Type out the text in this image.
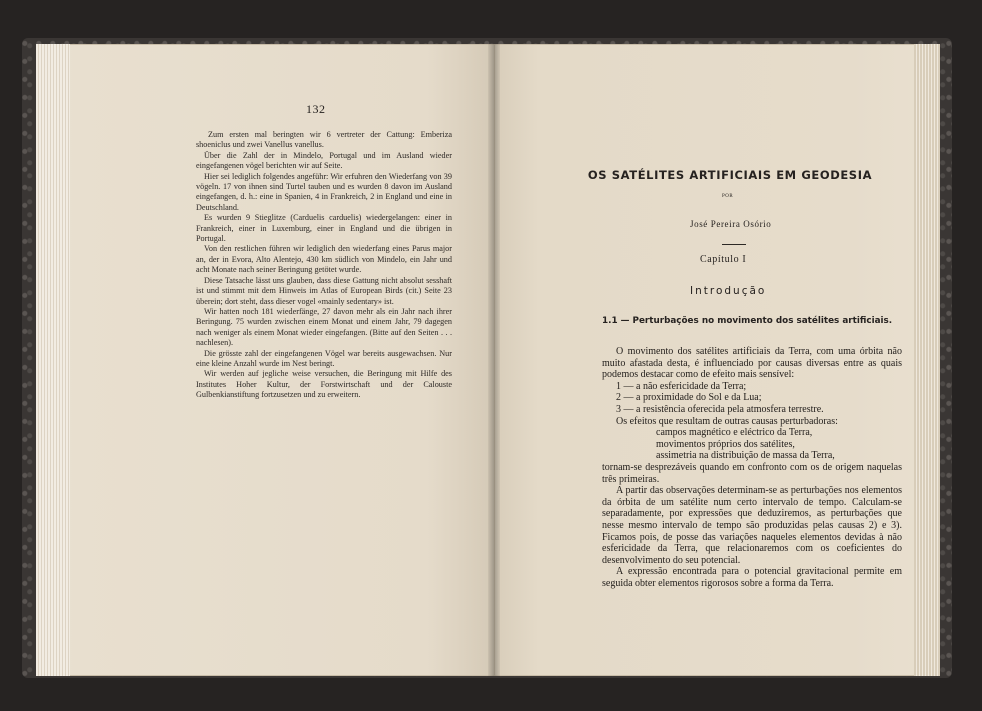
132

Zum ersten mal beringten wir 6 vertreter der Cattung: Emberiza shoeniclus und zwei Vanellus vanellus.

Über die Zahl der in Mindelo, Portugal und im Ausland wieder eingefangenen vögel berichten wir auf Seite.

Hier sei lediglich folgendes angeführ: Wir erfuhren den Wiederfang von 39 vögeln. 17 von ihnen sind Turtel tauben und es wurden 8 davon im Ausland eingefangen, d. h.: eine in Spanien, 4 in Frankreich, 2 in England und eine in Deutschland.

Es wurden 9 Stieglitze (Carduelis carduelis) wiedergelangen: einer in Frankreich, einer in Luxemburg, einer in England und die übrigen in Portugal.

Von den restlichen führen wir lediglich den wiederfang eines Parus major an, der in Evora, Alto Alentejo, 430 km südlich von Mindelo, ein Jahr und acht Monate nach seiner Beringung getötet wurde.

Diese Tatsache lässt uns glauben, dass diese Gattung nicht absolut sesshaft ist und stimmt mit dem Hinweis im Atlas of European Birds (cit.) Seite 23 überein; dort steht, dass dieser vogel «mainly sedentary» ist.

Wir hatten noch 181 wiederfänge, 27 davon mehr als ein Jahr nach ihrer Beringung. 75 wurden zwischen einem Monat und einem Jahr, 79 dagegen nach weniger als einem Monat wieder eingefangen. (Bitte auf den Seiten . . . nachlesen).

Die grösste zahl der eingefangenen Vögel war bereits ausgewachsen. Nur eine kleine Anzahl wurde im Nest beringt.

Wir werden auf jegliche weise versuchen, die Beringung mit Hilfe des Institutes Hoher Kultur, der Forstwirtschaft und der Calouste Gulbenkianstiftung fortzusetzen und zu erweitern.

OS SATÉLITES ARTIFICIAIS EM GEODESIA
POR
José Pereira Osório
Capítulo I
Introdução
1.1 — Perturbações no movimento dos satélites artificiais.

O movimento dos satélites artificiais da Terra, com uma órbita não muito afastada desta, é influenciado por causas diversas entre as quais podemos destacar como de efeito mais sensível:

1 — a não esfericidade da Terra;

2 — a proximidade do Sol e da Lua;

3 — a resistência oferecida pela atmosfera terrestre.

Os efeitos que resultam de outras causas perturbadoras:

campos magnético e eléctrico da Terra,

movimentos próprios dos satélites,

assimetria na distribuição de massa da Terra,

tornam-se desprezáveis quando em confronto com os de origem naquelas três primeiras.

A partir das observações determinam-se as perturbações nos elementos da órbita de um satélite num certo intervalo de tempo. Calculam-se separadamente, por expressões que deduziremos, as perturbações que nesse mesmo intervalo de tempo são produzidas pelas causas 2) e 3). Ficamos pois, de posse das variações naqueles elementos devidas à não esfericidade da Terra, que relacionaremos com os coeficientes do desenvolvimento do seu potencial.

A expressão encontrada para o potencial gravitacional permite em seguida obter elementos rigorosos sobre a forma da Terra.
